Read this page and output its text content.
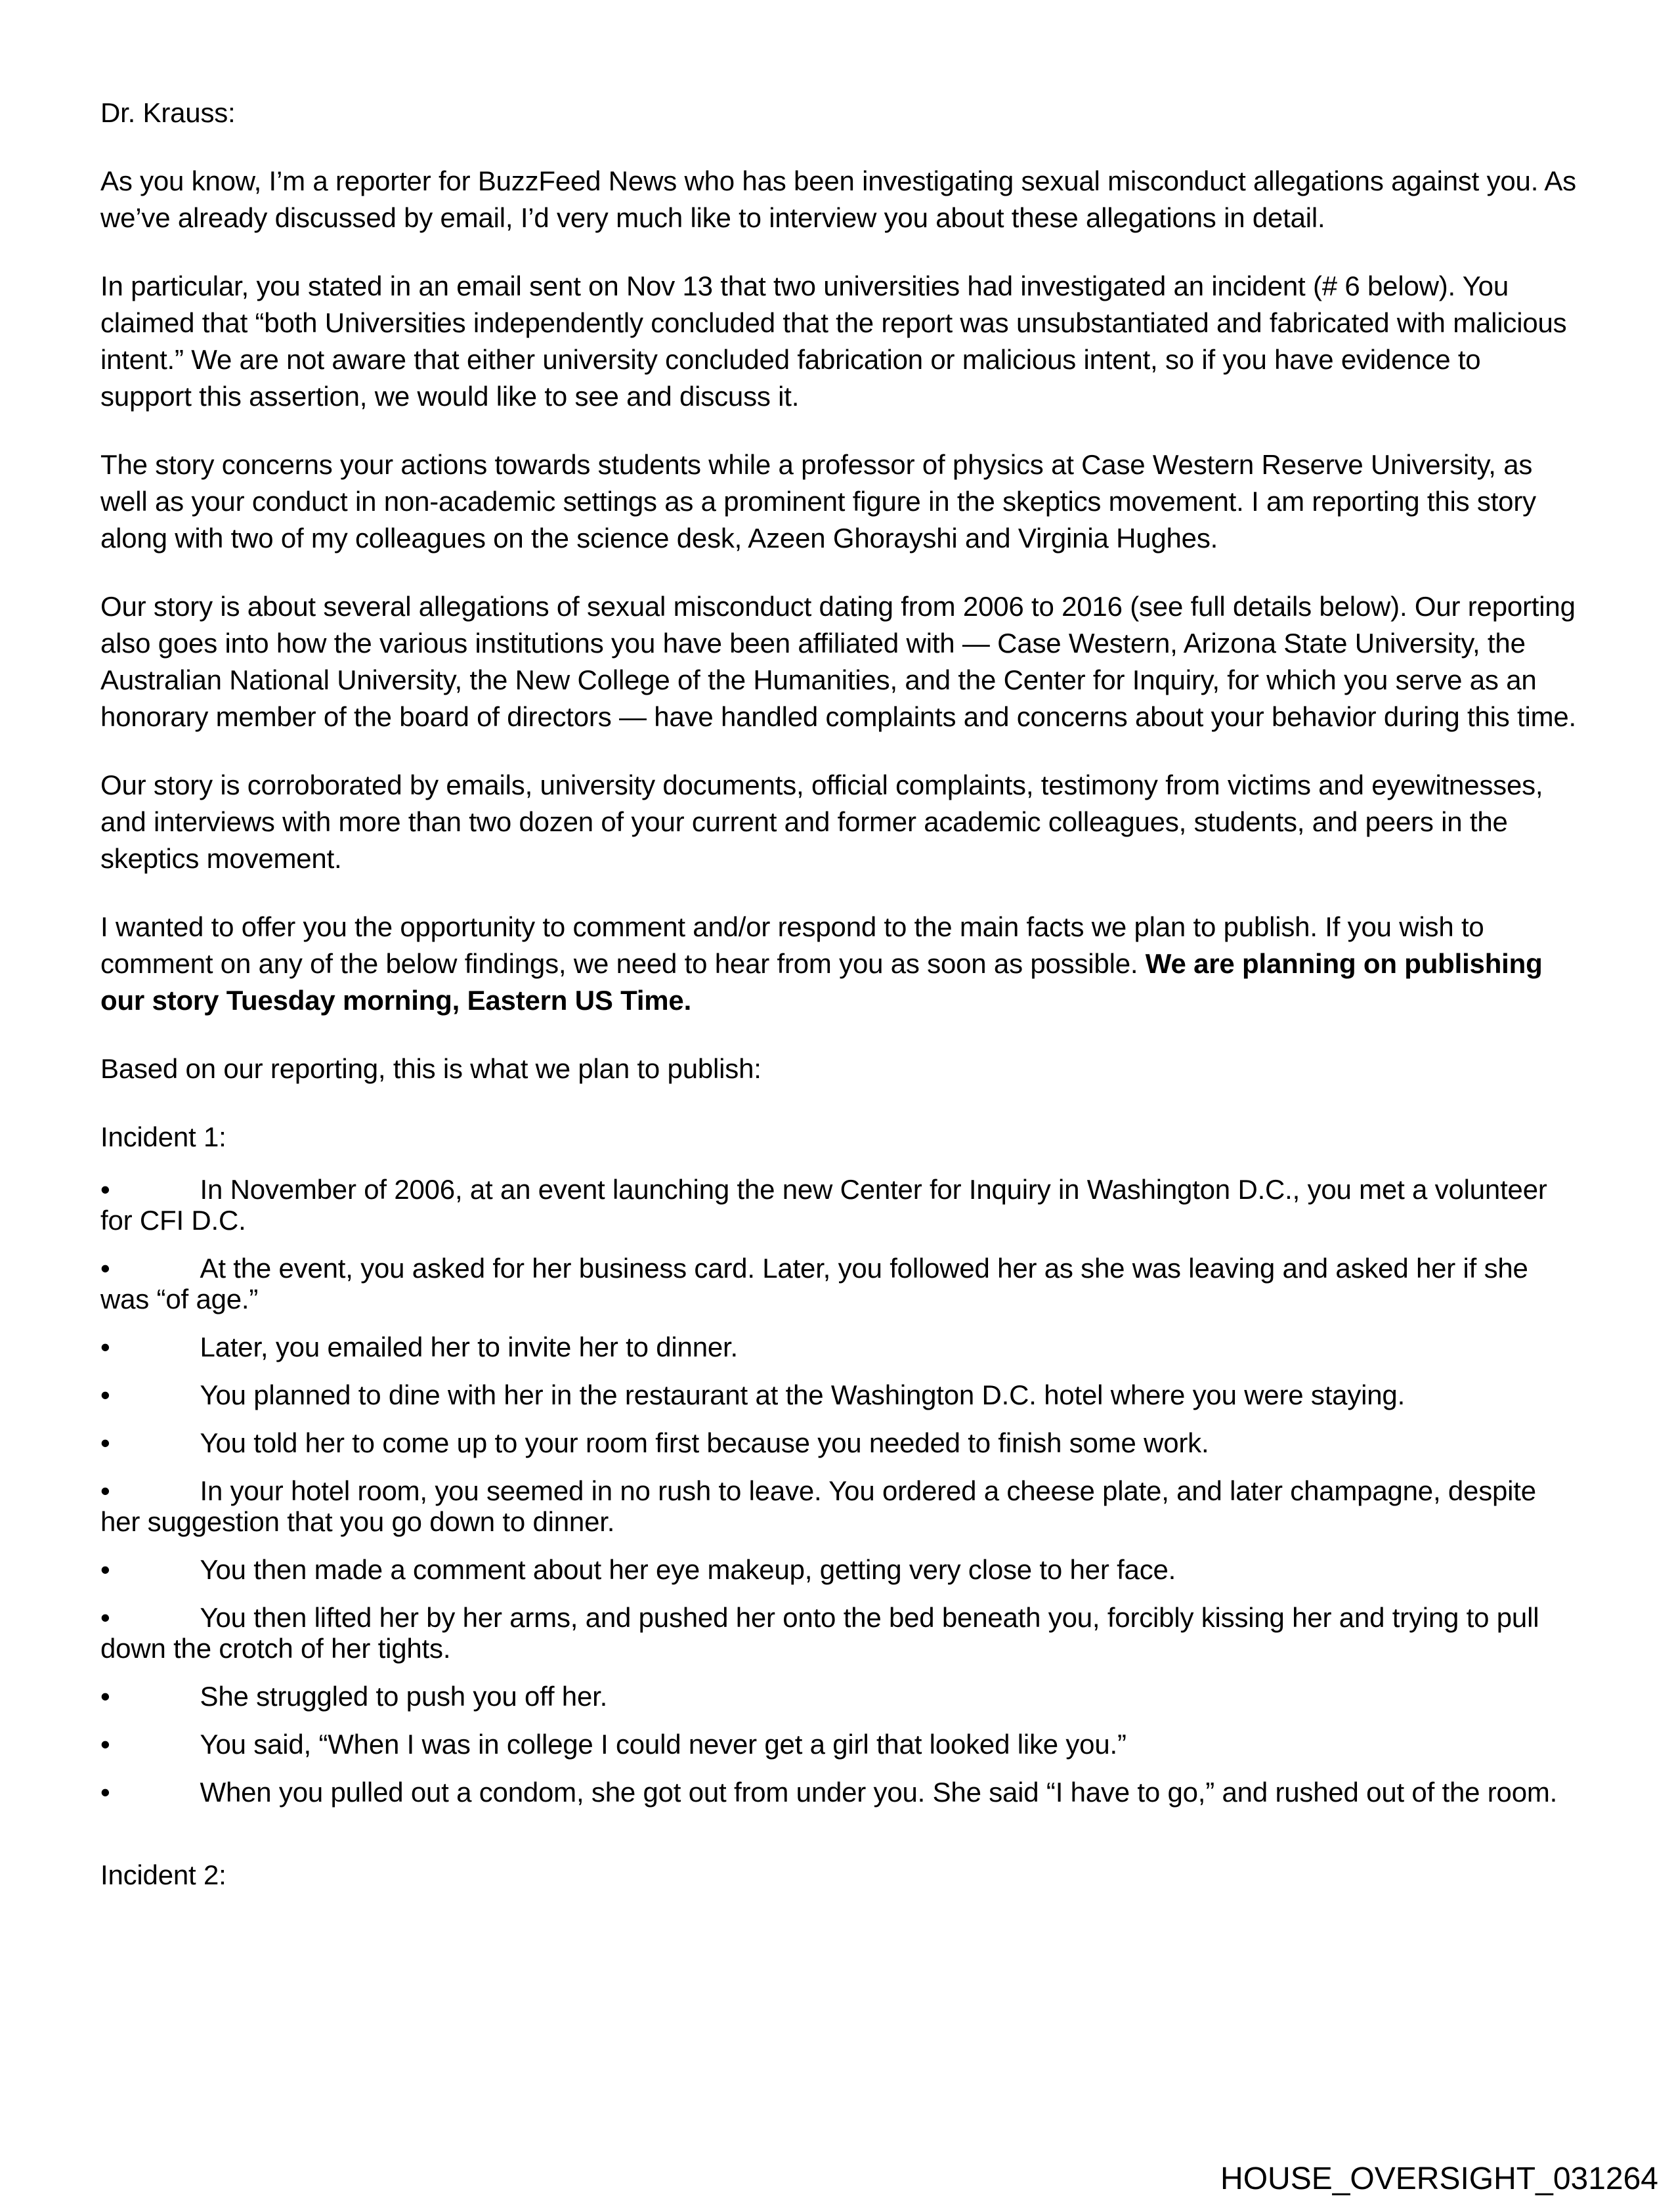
Dr. Krauss:

As you know, I’m a reporter for BuzzFeed News who has been investigating sexual misconduct allegations against you. As we’ve already discussed by email, I’d very much like to interview you about these allegations in detail.

In particular, you stated in an email sent on Nov 13 that two universities had investigated an incident (# 6 below). You claimed that “both Universities independently concluded that the report was unsubstantiated and fabricated with malicious intent.” We are not aware that either university concluded fabrication or malicious intent, so if you have evidence to support this assertion, we would like to see and discuss it.

The story concerns your actions towards students while a professor of physics at Case Western Reserve University, as well as your conduct in non-academic settings as a prominent figure in the skeptics movement. I am reporting this story along with two of my colleagues on the science desk, Azeen Ghorayshi and Virginia Hughes.

Our story is about several allegations of sexual misconduct dating from 2006 to 2016 (see full details below). Our reporting also goes into how the various institutions you have been affiliated with — Case Western, Arizona State University, the Australian National University, the New College of the Humanities, and the Center for Inquiry, for which you serve as an honorary member of the board of directors — have handled complaints and concerns about your behavior during this time.

Our story is corroborated by emails, university documents, official complaints, testimony from victims and eyewitnesses, and interviews with more than two dozen of your current and former academic colleagues, students, and peers in the skeptics movement.

I wanted to offer you the opportunity to comment and/or respond to the main facts we plan to publish. If you wish to comment on any of the below findings, we need to hear from you as soon as possible. We are planning on publishing our story Tuesday morning, Eastern US Time.

Based on our reporting, this is what we plan to publish:

Incident 1:

•	In November of 2006, at an event launching the new Center for Inquiry in Washington D.C., you met a volunteer for CFI D.C.
•	At the event, you asked for her business card. Later, you followed her as she was leaving and asked her if she was “of age.”
•	Later, you emailed her to invite her to dinner.
•	You planned to dine with her in the restaurant at the Washington D.C. hotel where you were staying.
•	You told her to come up to your room first because you needed to finish some work.
•	In your hotel room, you seemed in no rush to leave. You ordered a cheese plate, and later champagne, despite her suggestion that you go down to dinner.
•	You then made a comment about her eye makeup, getting very close to her face.
•	You then lifted her by her arms, and pushed her onto the bed beneath you, forcibly kissing her and trying to pull down the crotch of her tights.
•	She struggled to push you off her.
•	You said, “When I was in college I could never get a girl that looked like you.”
•	When you pulled out a condom, she got out from under you. She said “I have to go,” and rushed out of the room.

Incident 2:

HOUSE_OVERSIGHT_031264
